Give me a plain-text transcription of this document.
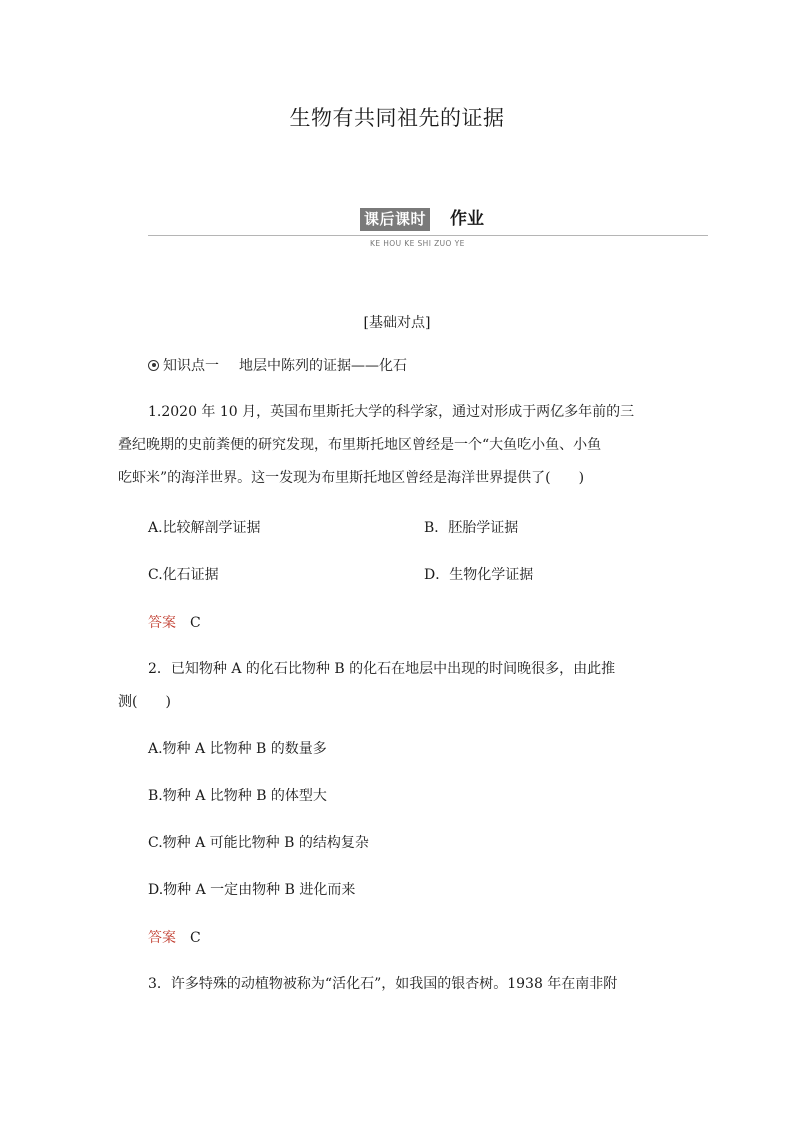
生物有共同祖先的证据
课后课时 作业
KE HOU KE SHI ZUO YE
[基础对点]
知识点一 地层中陈列的证据——化石
1.2020 年 10 月，英国布里斯托大学的科学家，通过对形成于两亿多年前的三
叠纪晚期的史前粪便的研究发现，布里斯托地区曾经是一个“大鱼吃小鱼、小鱼
吃虾米”的海洋世界。这一发现为布里斯托地区曾经是海洋世界提供了(　　)
A.比较解剖学证据	B．胚胎学证据
C.化石证据	D．生物化学证据
答案 C
2．已知物种 A 的化石比物种 B 的化石在地层中出现的时间晚很多，由此推
测(　　)
A.物种 A 比物种 B 的数量多
B.物种 A 比物种 B 的体型大
C.物种 A 可能比物种 B 的结构复杂
D.物种 A 一定由物种 B 进化而来
答案 C
3．许多特殊的动植物被称为“活化石”，如我国的银杏树。1938 年在南非附
